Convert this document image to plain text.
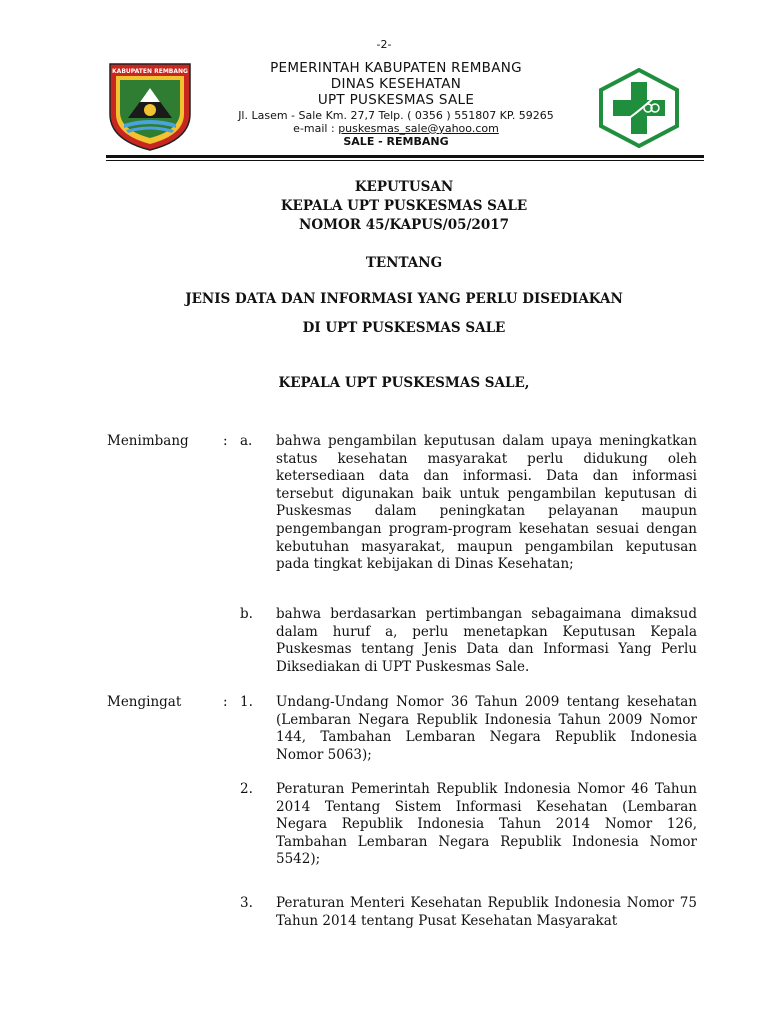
-2-
KABUPATEN REMBANG	PEMERINTAH KABUPATEN REMBANG
DINAS KESEHATAN
UPT PUSKESMAS SALE
Jl. Lasem - Sale Km. 27,7 Telp. ( 0356 ) 551807 KP. 59265
e-mail : puskesmas_sale@yahoo.com
SALE - REMBANG
KEPUTUSAN
KEPALA UPT PUSKESMAS SALE
NOMOR 45/KAPUS/05/2017
TENTANG
JENIS DATA DAN INFORMASI YANG PERLU DISEDIAKAN
DI UPT PUSKESMAS SALE
KEPALA UPT PUSKESMAS SALE,
Menimbang	: a. bahwa pengambilan keputusan dalam upaya meningkatkan status kesehatan masyarakat perlu didukung oleh ketersediaan data dan informasi. Data dan informasi tersebut digunakan baik untuk pengambilan keputusan di Puskesmas dalam peningkatan pelayanan maupun pengembangan program-program kesehatan sesuai dengan kebutuhan masyarakat, maupun pengambilan keputusan pada tingkat kebijakan di Dinas Kesehatan;
b. bahwa berdasarkan pertimbangan sebagaimana dimaksud dalam huruf a, perlu menetapkan Keputusan Kepala Puskesmas tentang Jenis Data dan Informasi Yang Perlu Diksediakan di UPT Puskesmas Sale.
Mengingat	: 1. Undang-Undang Nomor 36 Tahun 2009 tentang kesehatan (Lembaran Negara Republik Indonesia Tahun 2009 Nomor 144, Tambahan Lembaran Negara Republik Indonesia Nomor 5063);
2. Peraturan Pemerintah Republik Indonesia Nomor 46 Tahun 2014 Tentang Sistem Informasi Kesehatan (Lembaran Negara Republik Indonesia Tahun 2014 Nomor 126, Tambahan Lembaran Negara Republik Indonesia Nomor 5542);
3. Peraturan Menteri Kesehatan Republik Indonesia Nomor 75 Tahun 2014 tentang Pusat Kesehatan Masyarakat
